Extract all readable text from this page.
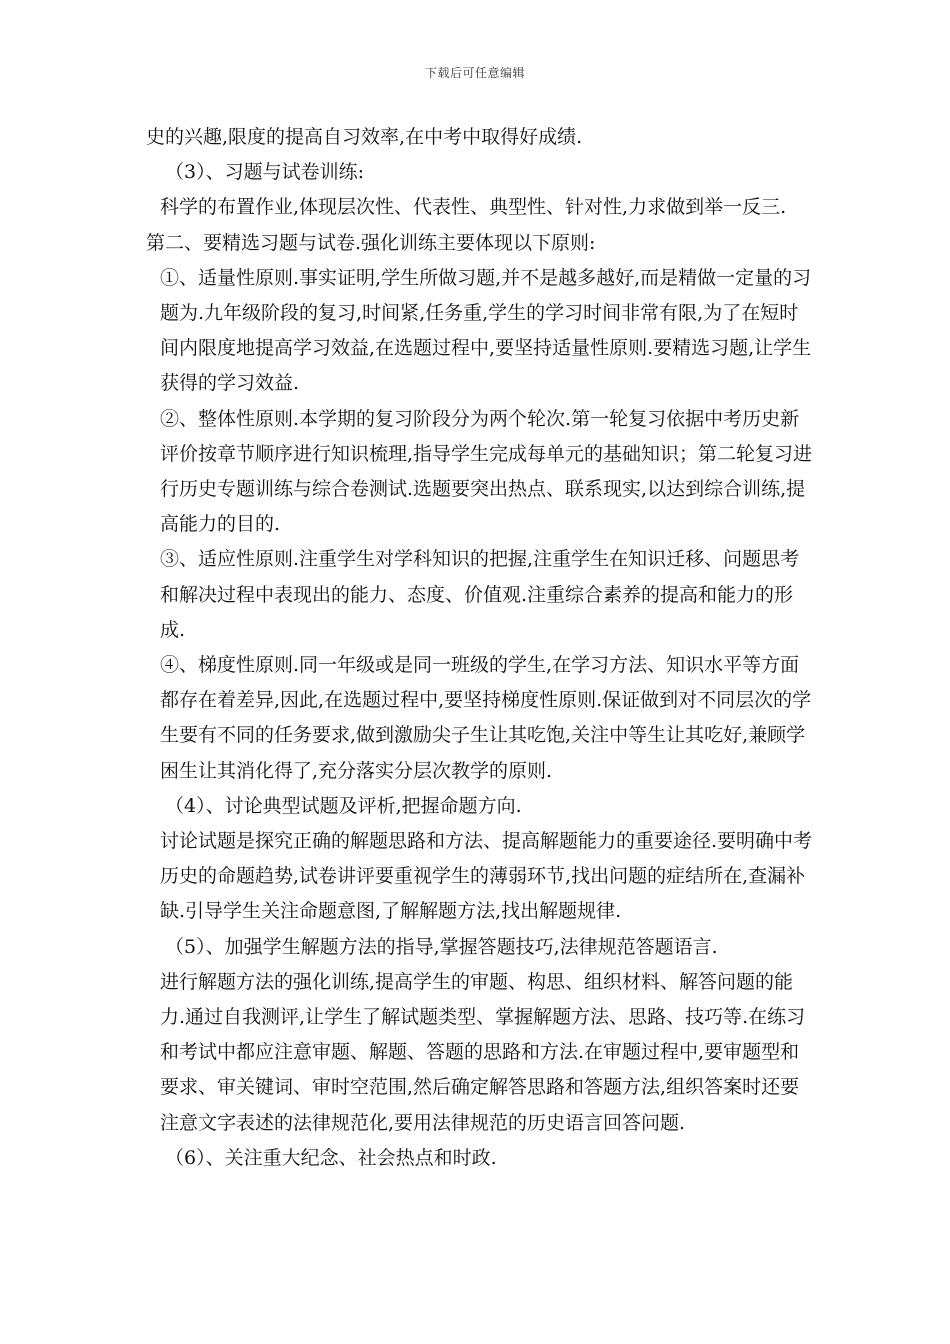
下载后可任意编辑

史的兴趣,限度的提高自习效率,在中考中取得好成绩.

（3）、习题与试卷训练:

科学的布置作业,体现层次性、代表性、典型性、针对性,力求做到举一反三.

第二、要精选习题与试卷.强化训练主要体现以下原则:

①、适量性原则.事实证明,学生所做习题,并不是越多越好,而是精做一定量的习题为.九年级阶段的复习,时间紧,任务重,学生的学习时间非常有限,为了在短时间内限度地提高学习效益,在选题过程中,要坚持适量性原则.要精选习题,让学生获得的学习效益.

②、整体性原则.本学期的复习阶段分为两个轮次.第一轮复习依据中考历史新评价按章节顺序进行知识梳理,指导学生完成每单元的基础知识；第二轮复习进行历史专题训练与综合卷测试.选题要突出热点、联系现实,以达到综合训练,提高能力的目的.

③、适应性原则.注重学生对学科知识的把握,注重学生在知识迁移、问题思考和解决过程中表现出的能力、态度、价值观.注重综合素养的提高和能力的形成.

④、梯度性原则.同一年级或是同一班级的学生,在学习方法、知识水平等方面都存在着差异,因此,在选题过程中,要坚持梯度性原则.保证做到对不同层次的学生要有不同的任务要求,做到激励尖子生让其吃饱,关注中等生让其吃好,兼顾学困生让其消化得了,充分落实分层次教学的原则.

（4）、讨论典型试题及评析,把握命题方向.

讨论试题是探究正确的解题思路和方法、提高解题能力的重要途径.要明确中考历史的命题趋势,试卷讲评要重视学生的薄弱环节,找出问题的症结所在,查漏补缺.引导学生关注命题意图,了解解题方法,找出解题规律.

（5）、加强学生解题方法的指导,掌握答题技巧,法律规范答题语言.

进行解题方法的强化训练,提高学生的审题、构思、组织材料、解答问题的能力.通过自我测评,让学生了解试题类型、掌握解题方法、思路、技巧等.在练习和考试中都应注意审题、解题、答题的思路和方法.在审题过程中,要审题型和要求、审关键词、审时空范围,然后确定解答思路和答题方法,组织答案时还要注意文字表述的法律规范化,要用法律规范的历史语言回答问题.

（6）、关注重大纪念、社会热点和时政.
